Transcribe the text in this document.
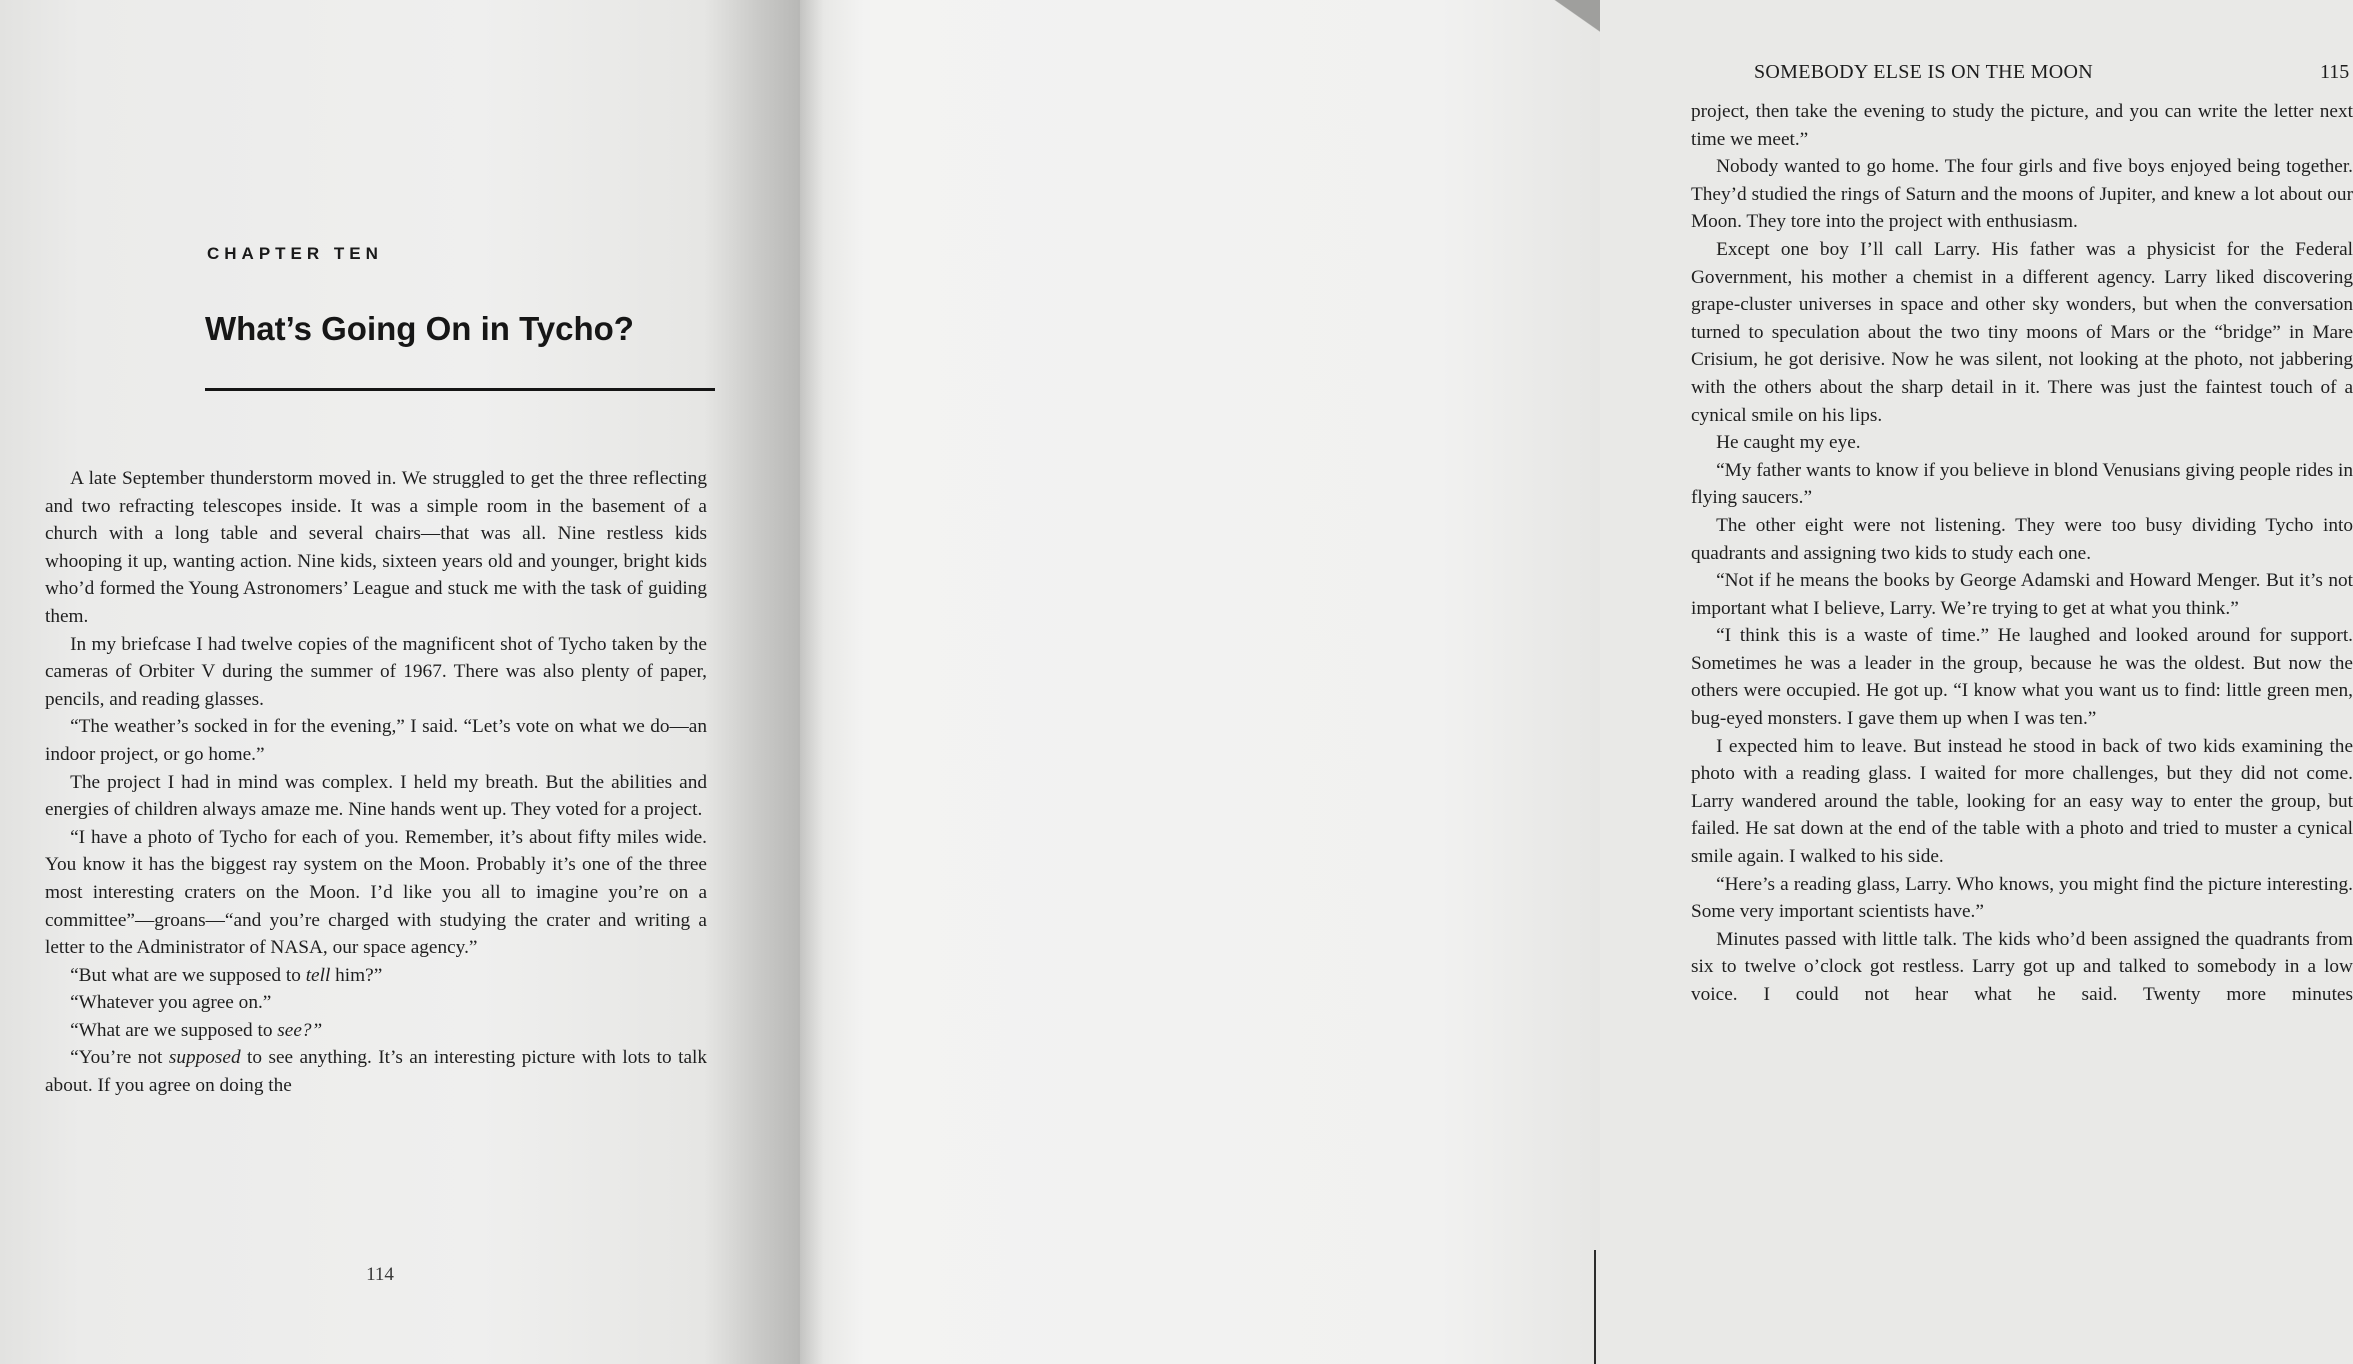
CHAPTER TEN
What’s Going On in Tycho?

A late September thunderstorm moved in. We struggled to get the three reflecting and two refracting telescopes inside. It was a simple room in the basement of a church with a long table and several chairs—that was all. Nine restless kids whooping it up, wanting action. Nine kids, sixteen years old and younger, bright kids who’d formed the Young Astronomers’ League and stuck me with the task of guiding them.

In my briefcase I had twelve copies of the magnificent shot of Tycho taken by the cameras of Orbiter V during the summer of 1967. There was also plenty of paper, pencils, and reading glasses.

“The weather’s socked in for the evening,” I said. “Let’s vote on what we do—an indoor project, or go home.”

The project I had in mind was complex. I held my breath. But the abilities and energies of children always amaze me. Nine hands went up. They voted for a project.

“I have a photo of Tycho for each of you. Remember, it’s about fifty miles wide. You know it has the biggest ray system on the Moon. Probably it’s one of the three most interesting craters on the Moon. I’d like you all to imagine you’re on a committee”—groans—“and you’re charged with studying the crater and writing a letter to the Administrator of NASA, our space agency.”

“But what are we supposed to tell him?”

“Whatever you agree on.”

“What are we supposed to see?”

“You’re not supposed to see anything. It’s an interesting picture with lots to talk about. If you agree on doing the

114
SOMEBODY ELSE IS ON THE MOON	115

project, then take the evening to study the picture, and you can write the letter next time we meet.”

Nobody wanted to go home. The four girls and five boys enjoyed being together. They’d studied the rings of Saturn and the moons of Jupiter, and knew a lot about our Moon. They tore into the project with enthusiasm.

Except one boy I’ll call Larry. His father was a physicist for the Federal Government, his mother a chemist in a different agency. Larry liked discovering grape-cluster universes in space and other sky wonders, but when the conversation turned to speculation about the two tiny moons of Mars or the “bridge” in Mare Crisium, he got derisive. Now he was silent, not looking at the photo, not jabbering with the others about the sharp detail in it. There was just the faintest touch of a cynical smile on his lips.

He caught my eye.

“My father wants to know if you believe in blond Venusians giving people rides in flying saucers.”

The other eight were not listening. They were too busy dividing Tycho into quadrants and assigning two kids to study each one.

“Not if he means the books by George Adamski and Howard Menger. But it’s not important what I believe, Larry. We’re trying to get at what you think.”

“I think this is a waste of time.” He laughed and looked around for support. Sometimes he was a leader in the group, because he was the oldest. But now the others were occupied. He got up. “I know what you want us to find: little green men, bug-eyed monsters. I gave them up when I was ten.”

I expected him to leave. But instead he stood in back of two kids examining the photo with a reading glass. I waited for more challenges, but they did not come. Larry wandered around the table, looking for an easy way to enter the group, but failed. He sat down at the end of the table with a photo and tried to muster a cynical smile again. I walked to his side.

“Here’s a reading glass, Larry. Who knows, you might find the picture interesting. Some very important scientists have.”

Minutes passed with little talk. The kids who’d been assigned the quadrants from six to twelve o’clock got restless. Larry got up and talked to somebody in a low voice. I could not hear what he said. Twenty more minutes
